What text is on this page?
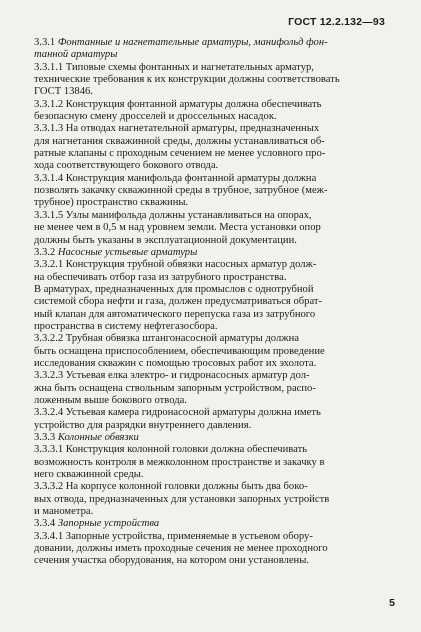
ГОСТ 12.2.132—93
3.3.1 Фонтанные и нагнетательные арматуры, манифольд фон-
танной арматуры
3.3.1.1 Типовые схемы фонтанных и нагнетательных арматур,
технические требования к их конструкции должны соответствовать
ГОСТ 13846.
3.3.1.2 Конструкция фонтанной арматуры должна обеспечивать
безопасную смену дросселей и дроссельных насадок.
3.3.1.3 На отводах нагнетательной арматуры, предназначенных
для нагнетания скважинной среды, должны устанавливаться об-
ратные клапаны с проходным сечением не менее условного про-
хода соответствующего бокового отвода.
3.3.1.4 Конструкция манифольда фонтанной арматуры должна
позволять закачку скважинной среды в трубное, затрубное (меж-
трубное) пространство скважины.
3.3.1.5 Узлы манифольда должны устанавливаться на опорах,
не менее чем в 0,5 м над уровнем земли. Места установки опор
должны быть указаны в эксплуатационной документации.
3.3.2 Насосные устьевые арматуры
3.3.2.1 Конструкция трубной обвязки насосных арматур долж-
на обеспечивать отбор газа из затрубного пространства.
В арматурах, предназначенных для промыслов с однотрубной
системой сбора нефти и газа, должен предусматриваться обрат-
ный клапан для автоматического перепуска газа из затрубного
пространства в систему нефтегазосбора.
3.3.2.2 Трубная обвязка штангонасосной арматуры должна
быть оснащена приспособлением, обеспечивающим проведение
исследования скважин с помощью тросовых работ их эхолота.
3.3.2.3 Устьевая елка электро- и гидронасосных арматур дол-
жна быть оснащена ствольным запорным устройством, распо-
ложенным выше бокового отвода.
3.3.2.4 Устьевая камера гидронасосной арматуры должна иметь
устройство для разрядки внутреннего давления.
3.3.3 Колонные обвязки
3.3.3.1 Конструкция колонной головки должна обеспечивать
возможность контроля в межколонном пространстве и закачку в
него скважинной среды.
3.3.3.2 На корпусе колонной головки должны быть два боко-
вых отвода, предназначенных для установки запорных устройств
и манометра.
3.3.4 Запорные устройства
3.3.4.1 Запорные устройства, применяемые в устьевом обору-
довании, должны иметь проходные сечения не менее проходного
сечения участка оборудования, на котором они установлены.
5
